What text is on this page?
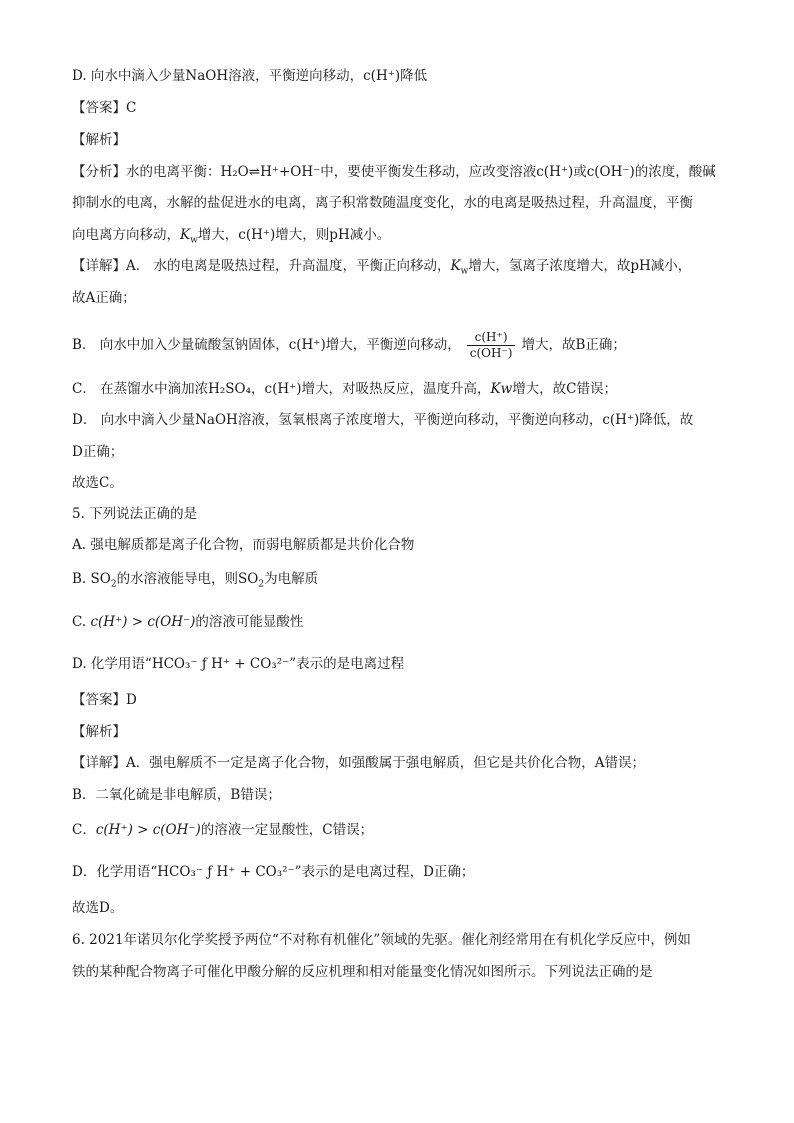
D. 向水中滴入少量NaOH溶液，平衡逆向移动，c(H⁺)降低
【答案】C
【解析】
【分析】水的电离平衡：H₂O⇌H⁺+OH⁻中，要使平衡发生移动，应改变溶液c(H⁺)或c(OH⁻)的浓度，酸碱
抑制水的电离，水解的盐促进水的电离，离子积常数随温度变化，水的电离是吸热过程，升高温度，平衡
向电离方向移动，$K_w$增大，c(H⁺)增大，则pH减小。
【详解】A． 水的电离是吸热过程，升高温度，平衡正向移动，$K_w$增大，氢离子浓度增大，故pH减小，
故A正确；
B． 向水中加入少量硫酸氢钠固体，c(H⁺)增大，平衡逆向移动， $\frac{c(H^+)}{c(OH^-)}$ 增大，故B正确；
C． 在蒸馏水中滴加浓H₂SO₄，c(H⁺)增大，对吸热反应，温度升高，Kw增大，故C错误；
D． 向水中滴入少量NaOH溶液，氢氧根离子浓度增大，平衡逆向移动，平衡逆向移动，c(H⁺)降低，故
D正确；
故选C。
5. 下列说法正确的是
A. 强电解质都是离子化合物，而弱电解质都是共价化合物
B. $SO_2$的水溶液能导电，则$SO_2$为电解质
C. c(H⁺) > c(OH⁻)的溶液可能显酸性
D. 化学用语“HCO₃⁻ ƒ H⁺ + CO₃²⁻”表示的是电离过程
【答案】D
【解析】
【详解】A．强电解质不一定是离子化合物，如强酸属于强电解质，但它是共价化合物，A错误；
B．二氧化硫是非电解质，B错误；
C．c(H⁺) > c(OH⁻)的溶液一定显酸性，C错误；
D．化学用语“HCO₃⁻ ƒ H⁺ + CO₃²⁻”表示的是电离过程，D正确；
故选D。
6. 2021年诺贝尔化学奖授予两位“不对称有机催化”领域的先驱。催化剂经常用在有机化学反应中，例如
铁的某种配合物离子可催化甲酸分解的反应机理和相对能量变化情况如图所示。下列说法正确的是
